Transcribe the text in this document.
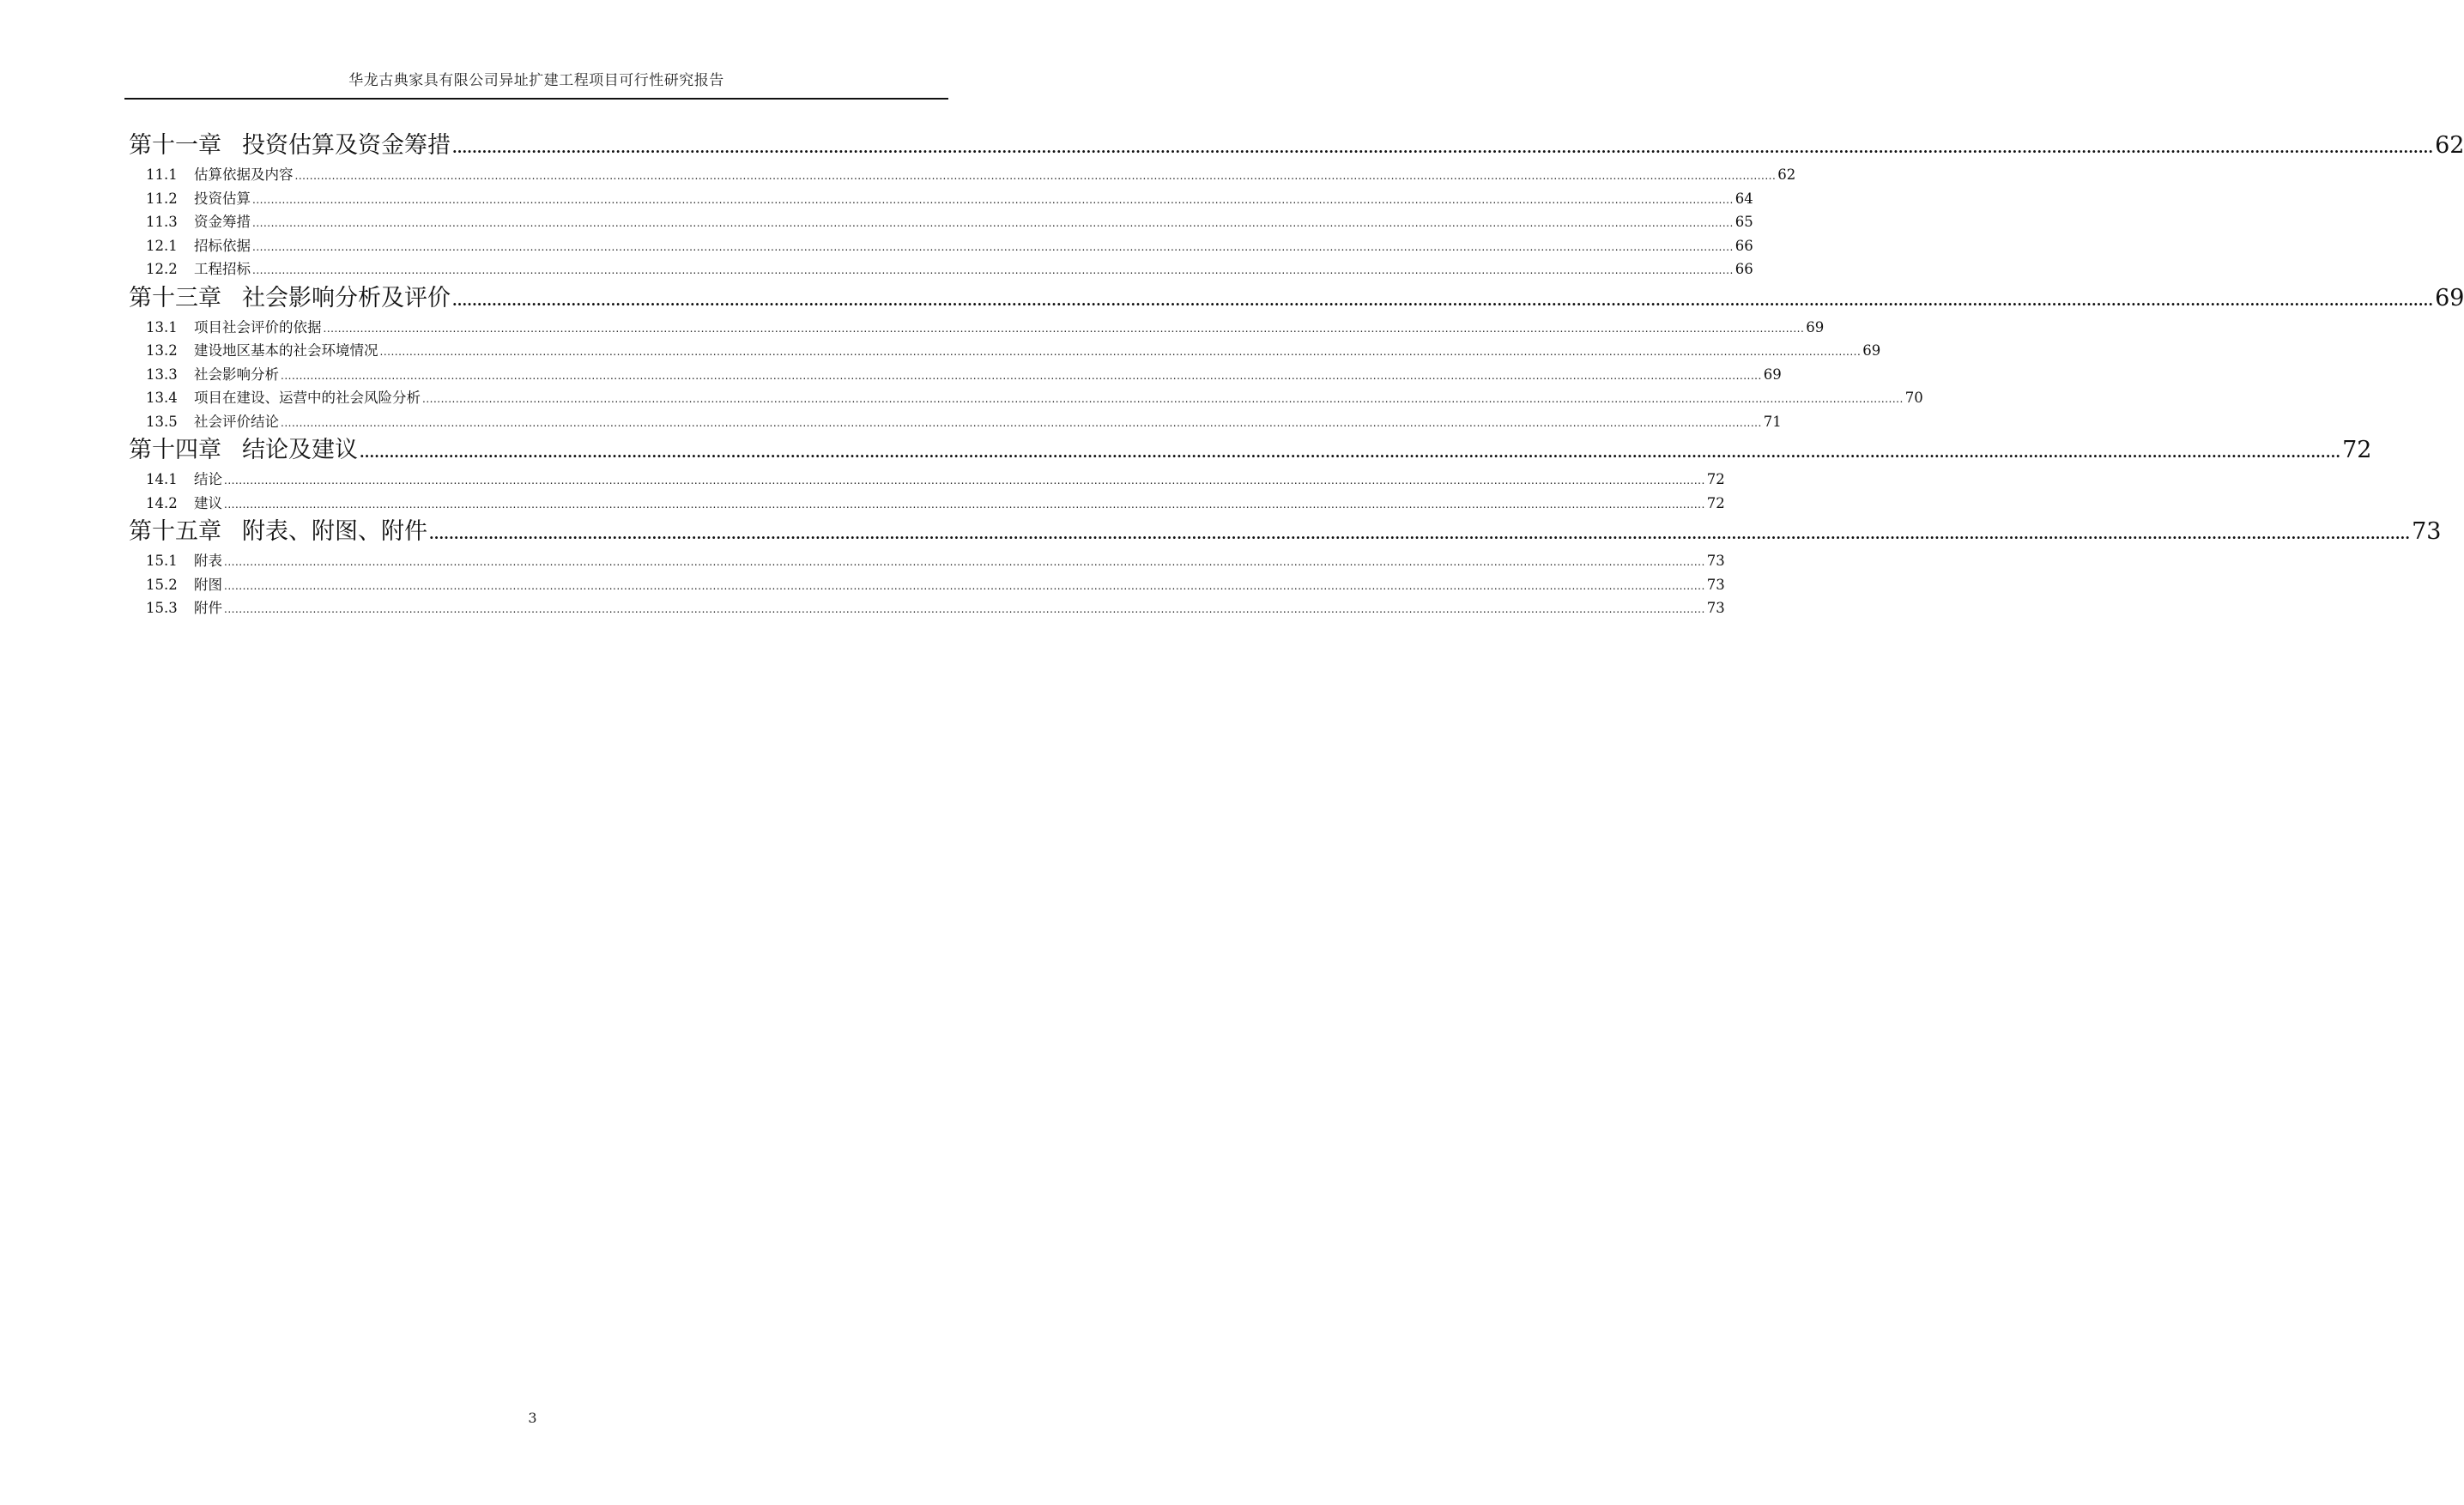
华龙古典家具有限公司异址扩建工程项目可行性研究报告
第十一章 投资估算及资金筹措 ................................................................................................................................................................................................................................................................................................................................................................................................................ 62
11.1	估算依据及内容 ................................................................................................................................................................................................................................................................................................................................................................................................................ 62
11.2	投资估算 ................................................................................................................................................................................................................................................................................................................................................................................................................ 64
11.3	资金筹措 ................................................................................................................................................................................................................................................................................................................................................................................................................ 65
12.1	招标依据 ................................................................................................................................................................................................................................................................................................................................................................................................................ 66
12.2	工程招标 ................................................................................................................................................................................................................................................................................................................................................................................................................ 66
第十三章 社会影响分析及评价 ................................................................................................................................................................................................................................................................................................................................................................................................................ 69
13.1	项目社会评价的依据 ................................................................................................................................................................................................................................................................................................................................................................................................................ 69
13.2	建设地区基本的社会环境情况 ................................................................................................................................................................................................................................................................................................................................................................................................................ 69
13.3	社会影响分析 ................................................................................................................................................................................................................................................................................................................................................................................................................ 69
13.4	项目在建设、运营中的社会风险分析 ................................................................................................................................................................................................................................................................................................................................................................................................................ 70
13.5	社会评价结论 ................................................................................................................................................................................................................................................................................................................................................................................................................ 71
第十四章 结论及建议 ................................................................................................................................................................................................................................................................................................................................................................................................................ 72
14.1	结论 ................................................................................................................................................................................................................................................................................................................................................................................................................ 72
14.2	建议 ................................................................................................................................................................................................................................................................................................................................................................................................................ 72
第十五章 附表、附图、附件 ................................................................................................................................................................................................................................................................................................................................................................................................................ 73
15.1	附表 ................................................................................................................................................................................................................................................................................................................................................................................................................ 73
15.2	附图 ................................................................................................................................................................................................................................................................................................................................................................................................................ 73
15.3	附件 ................................................................................................................................................................................................................................................................................................................................................................................................................ 73
3
